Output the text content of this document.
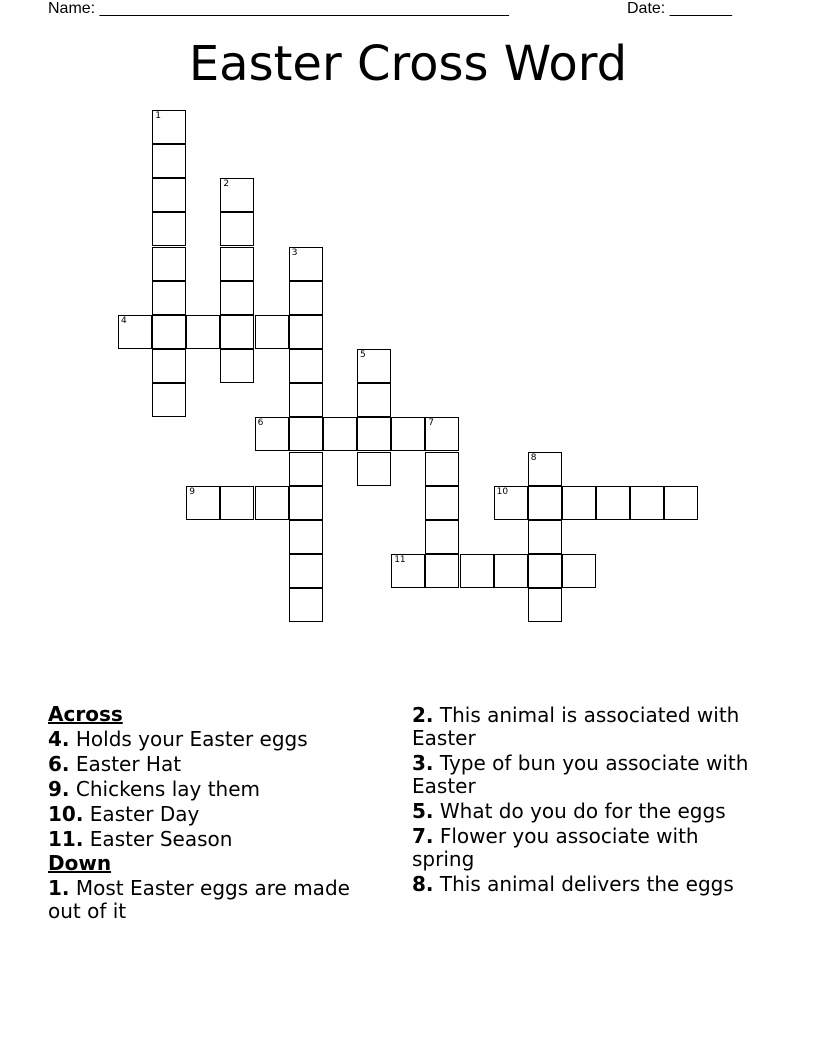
Name: ______________________________________________	Date: _______
Easter Cross Word
1
2
3
4
5
6	7
8
9	10
11
Across
4. Holds your Easter eggs
6. Easter Hat
9. Chickens lay them
10. Easter Day
11. Easter Season
Down
1. Most Easter eggs are made out of it
2. This animal is associated with Easter
3. Type of bun you associate with Easter
5. What do you do for the eggs
7. Flower you associate with spring
8. This animal delivers the eggs
